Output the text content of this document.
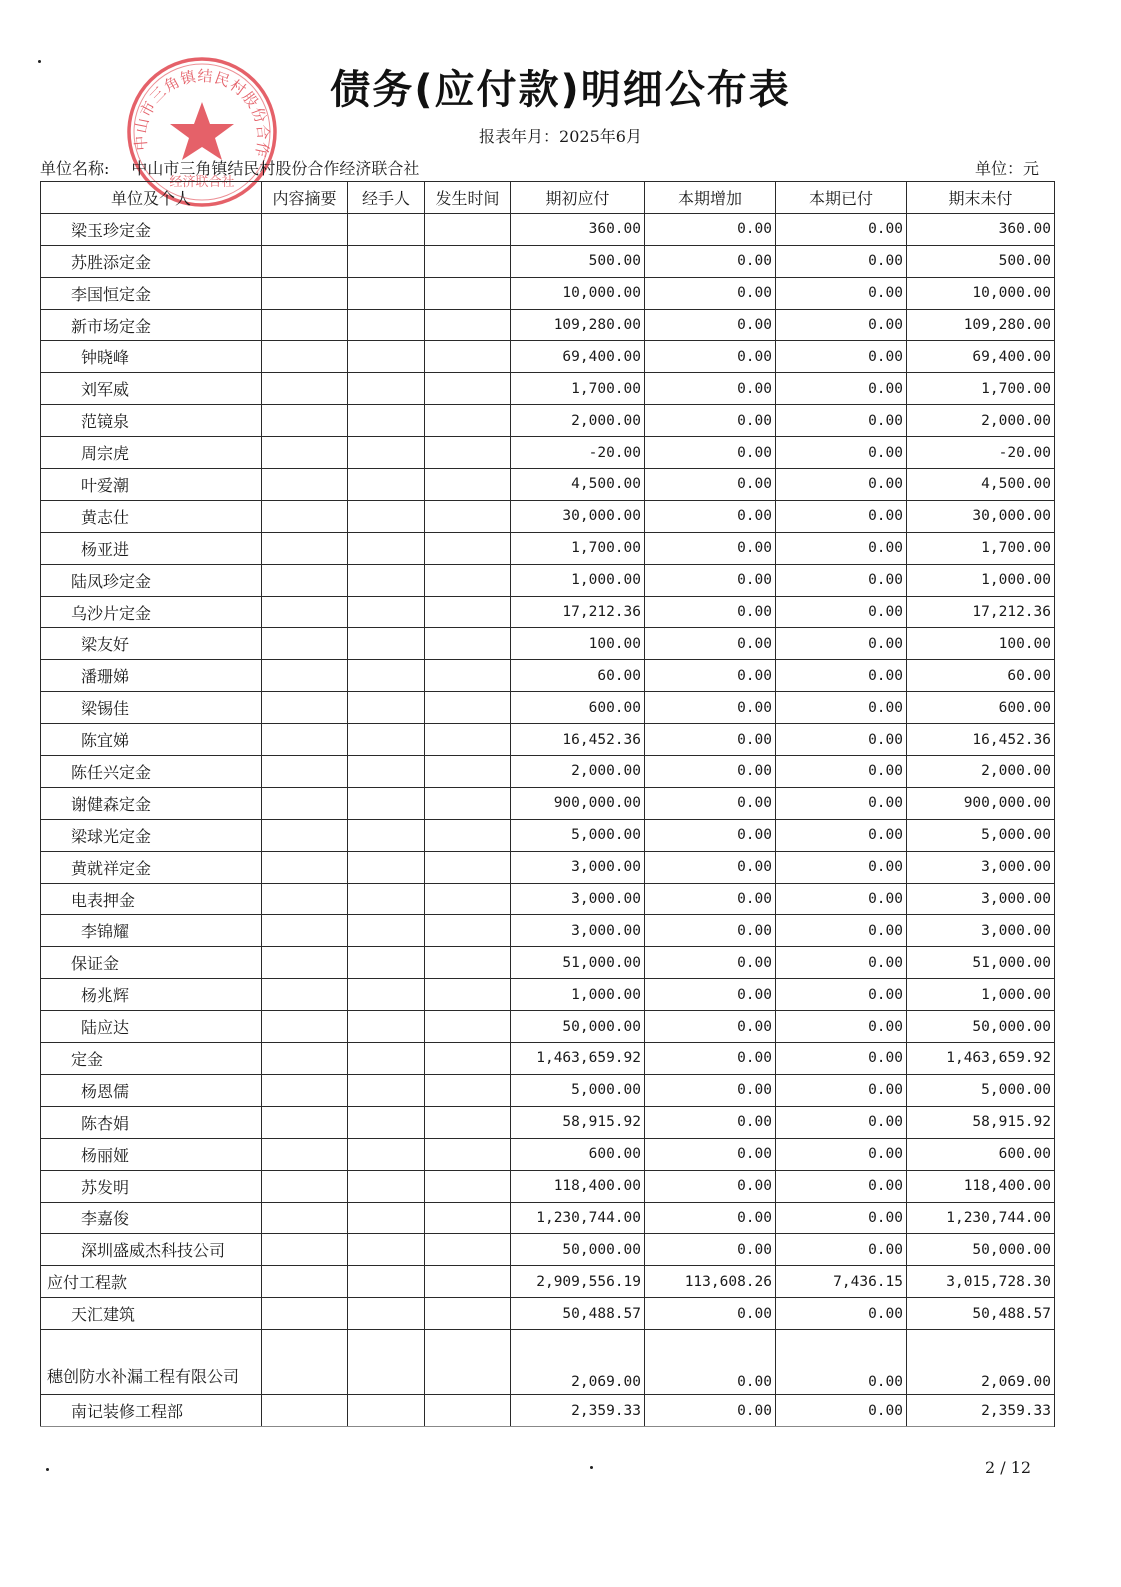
中山市三角镇结民村股份合作
经济联合社
债务(应付款)明细公布表
报表年月：2025年6月
单位名称: 中山市三角镇结民村股份合作经济联合社	单位：元
单位及个人	内容摘要	经手人	发生时间	期初应付	本期增加	本期已付	期末未付
梁玉珍定金				360.00	0.00	0.00	360.00
苏胜添定金				500.00	0.00	0.00	500.00
李国恒定金				10,000.00	0.00	0.00	10,000.00
新市场定金				109,280.00	0.00	0.00	109,280.00
钟晓峰				69,400.00	0.00	0.00	69,400.00
刘军威				1,700.00	0.00	0.00	1,700.00
范镜泉				2,000.00	0.00	0.00	2,000.00
周宗虎				-20.00	0.00	0.00	-20.00
叶爱潮				4,500.00	0.00	0.00	4,500.00
黄志仕				30,000.00	0.00	0.00	30,000.00
杨亚进				1,700.00	0.00	0.00	1,700.00
陆凤珍定金				1,000.00	0.00	0.00	1,000.00
乌沙片定金				17,212.36	0.00	0.00	17,212.36
梁友好				100.00	0.00	0.00	100.00
潘珊娣				60.00	0.00	0.00	60.00
梁锡佳				600.00	0.00	0.00	600.00
陈宜娣				16,452.36	0.00	0.00	16,452.36
陈任兴定金				2,000.00	0.00	0.00	2,000.00
谢健森定金				900,000.00	0.00	0.00	900,000.00
梁球光定金				5,000.00	0.00	0.00	5,000.00
黄就祥定金				3,000.00	0.00	0.00	3,000.00
电表押金				3,000.00	0.00	0.00	3,000.00
李锦耀				3,000.00	0.00	0.00	3,000.00
保证金				51,000.00	0.00	0.00	51,000.00
杨兆辉				1,000.00	0.00	0.00	1,000.00
陆应达				50,000.00	0.00	0.00	50,000.00
定金				1,463,659.92	0.00	0.00	1,463,659.92
杨恩儒				5,000.00	0.00	0.00	5,000.00
陈杏娟				58,915.92	0.00	0.00	58,915.92
杨丽娅				600.00	0.00	0.00	600.00
苏发明				118,400.00	0.00	0.00	118,400.00
李嘉俊				1,230,744.00	0.00	0.00	1,230,744.00
深圳盛威杰科技公司				50,000.00	0.00	0.00	50,000.00
应付工程款				2,909,556.19	113,608.26	7,436.15	3,015,728.30
天汇建筑				50,488.57	0.00	0.00	50,488.57
穗创防水补漏工程有限公司				2,069.00	0.00	0.00	2,069.00
南记装修工程部				2,359.33	0.00	0.00	2,359.33
2 / 12
